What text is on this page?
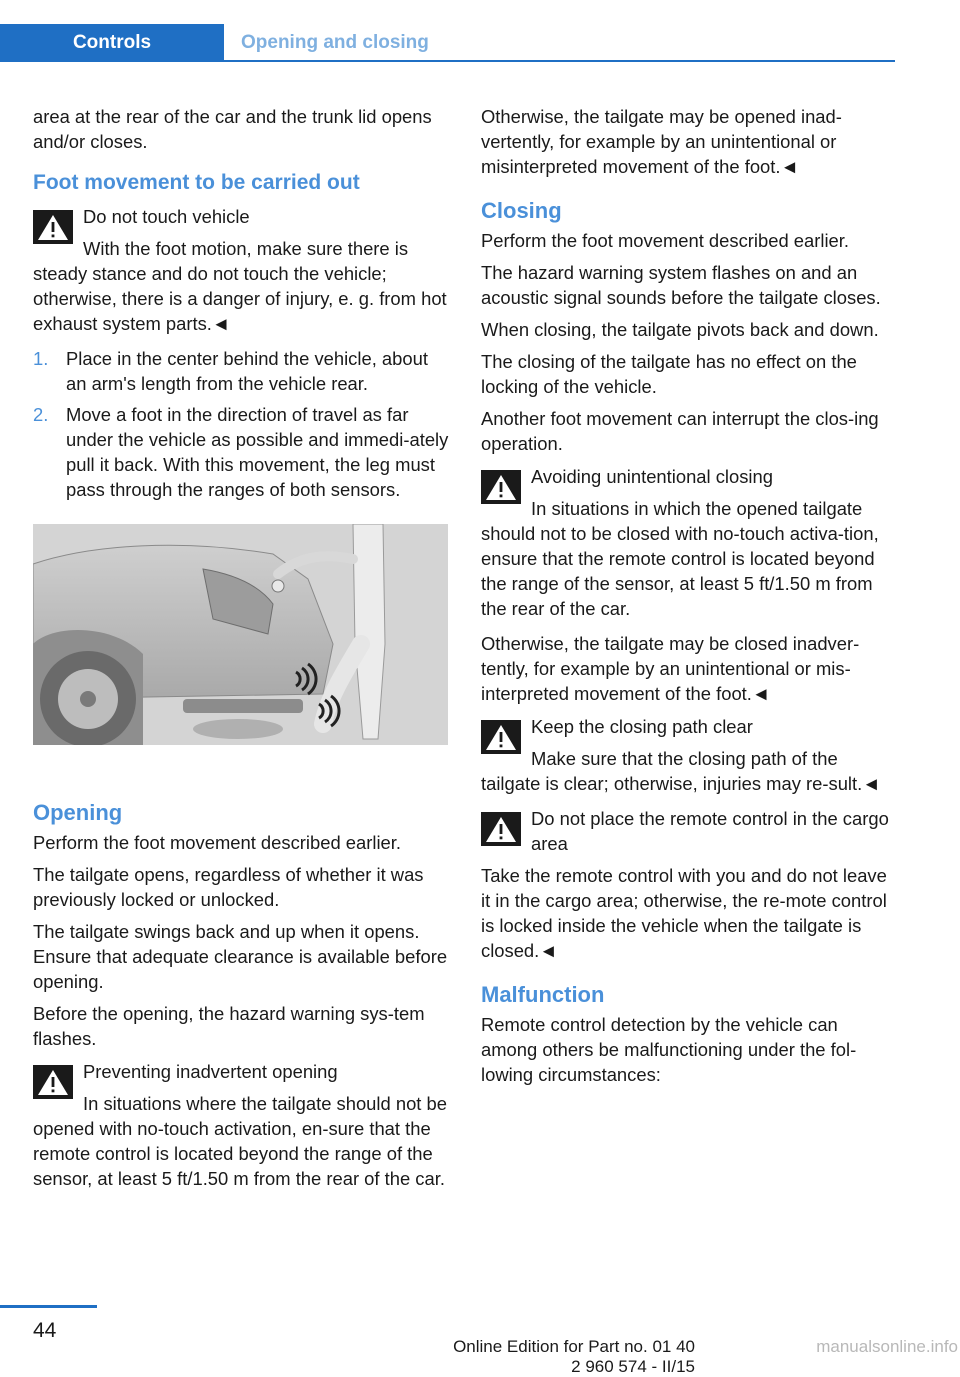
Controls	Opening and closing

area at the rear of the car and the trunk lid opens and/or closes.

Foot movement to be carried out
Do not touch vehicle
With the foot motion, make sure there is steady stance and do not touch the vehicle; otherwise, there is a danger of injury, e. g. from hot exhaust system parts.◄
1. Place in the center behind the vehicle, about an arm's length from the vehicle rear.
2. Move a foot in the direction of travel as far under the vehicle as possible and immedi‐ately pull it back. With this movement, the leg must pass through the ranges of both sensors.
Opening

Perform the foot movement described earlier.

The tailgate opens, regardless of whether it was previously locked or unlocked.

The tailgate swings back and up when it opens. Ensure that adequate clearance is available before opening.

Before the opening, the hazard warning sys‐tem flashes.

Preventing inadvertent opening
In situations where the tailgate should not be opened with no-touch activation, en‐sure that the remote control is located beyond the range of the sensor, at least 5 ft/1.50 m from the rear of the car.

Otherwise, the tailgate may be opened inad‐vertently, for example by an unintentional or misinterpreted movement of the foot.◄

Closing

Perform the foot movement described earlier.

The hazard warning system flashes on and an acoustic signal sounds before the tailgate closes.

When closing, the tailgate pivots back and down.

The closing of the tailgate has no effect on the locking of the vehicle.

Another foot movement can interrupt the clos‐ing operation.

Avoiding unintentional closing
In situations in which the opened tailgate should not to be closed with no-touch activa‐tion, ensure that the remote control is located beyond the range of the sensor, at least 5 ft/1.50 m from the rear of the car.

Otherwise, the tailgate may be closed inadver‐tently, for example by an unintentional or mis‐interpreted movement of the foot.◄

Keep the closing path clear
Make sure that the closing path of the tailgate is clear; otherwise, injuries may re‐sult.◄
Do not place the remote control in the cargo area
Take the remote control with you and do not leave it in the cargo area; otherwise, the re‐mote control is locked inside the vehicle when the tailgate is closed.◄
Malfunction

Remote control detection by the vehicle can among others be malfunctioning under the fol‐lowing circumstances:

44
Online Edition for Part no. 01 40 2 960 574 - II/15
manualsonline.info
